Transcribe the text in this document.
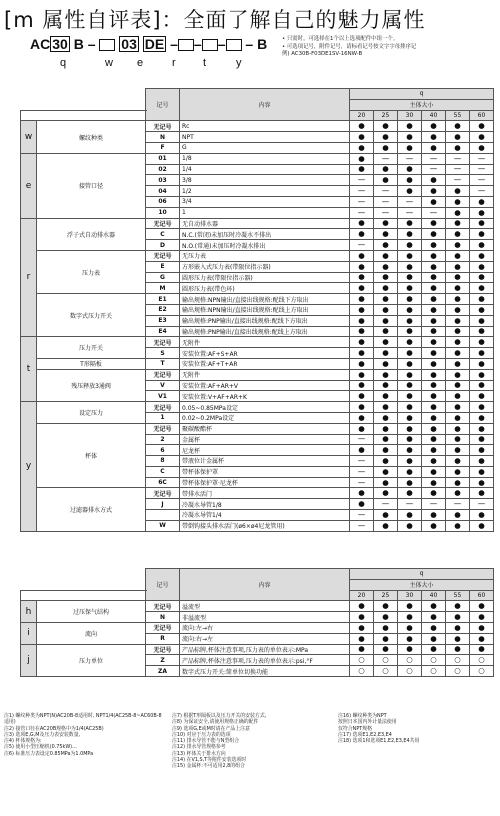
[m 属性自评表]：全面了解自己的魅力属性
AC 30 B – 03 DE – – – – B
q	w e	r t	y
• 只需时，可选择在1个以上选项配件中组一个。
• 可选项记号，附件记号，请标看记号按文字字母排序记
例) AC30B-F03DE1SV-16NW-B
		记号	内容	q					
				主体大小					
				20	25	30	40	55	60
w	螺纹种类	无记号	Rc	●	●	●	●	●	●
		N	NPT	●	●	●	●	●	●
		F	G	●	●	●	●	●	●
e	接管口径	01	1/8	●	—	—	—	—	—
		02	1/4	●	●	●	—	—	—
		03	3/8	—	●	●	●	—	—
		04	1/2	—	—	●	●	●	—
		06	3/4	—	—	—	●	●	●
		10	1	—	—	—	—	●	●
r	浮子式自动排水器	无记号	无自动排水器	●	●	●	●	●	●
		C	N.C.(常闭)未加压时冷凝水不排出	●	●	●	●	●	●
		D	N.O.(常通)未加压时冷凝水排出	—	●	●	●	●	●
	压力表	无记号	无压力表	●	●	●	●	●	●
		E	方形嵌入式压力表(带限位指示器)	●	●	●	●	●	●
		G	圆形压力表(带限位指示器)	●	●	●	●	●	●
		M	圆形压力表(带色环)	●	●	●	●	●	●
	数字式压力开关	E1	输出规格:NPN输出/直接出线规格:配线下方取出	●	●	●	●	●	●
		E2	输出规格:NPN输出/直接出线规格:配线上方取出	●	●	●	●	●	●
		E3	输出规格:PNP输出/直接出线规格:配线下方取出	●	●	●	●	●	●
		E4	输出规格:PNP输出/直接出线规格:配线上方取出	●	●	●	●	●	●
t	压力开关	无记号	无附件	●	●	●	●	●	●
		S	安装位置:AF+S+AR	●	●	●	●	●	●
	T形隔板	T	安装位置:AF+T+AR	●	●	●	●	●	●
	残压释放3通阀	无记号	无附件	●	●	●	●	●	●
		V	安装位置:AF+AR+V	●	●	●	●	●	●
		V1	安装位置:V+AF+AR+K	●	●	●	●	●	●
y	设定压力	无记号	0.05~0.85MPa设定	●	●	●	●	●	●
		1	0.02~0.2MPa设定	●	●	●	●	●	●
	杯体	无记号	聚碳酸酯杯	●	●	●	●	●	●
		2	金属杯	—	●	●	●	●	●
		6	尼龙杯	●	●	●	●	●	●
		8	带液位计金属杯	—	●	●	●	●	●
		C	带杯体保护罩	—	●	●	●	●	●
		6C	带杯体保护罩·尼龙杯	—	●	●	●	●	●
	过滤器排水方式	无记号	带排水活门	●	●	●	●	●	●
		J	冷凝水导管1/8	●	—	—	—	—	—
			冷凝水导管1/4	—	●	●	●	●	●
		W	带倒钩接头排水活门(ø6×ø4尼龙管用)	—	●	●	●	●	●
		记号	内容	q					
				主体大小					
				20	25	30	40	55	60
h	过压保气结构	无记号	溢流型	●	●	●	●	●	●
		N	非溢流型	●	●	●	●	●	●
i	流向	无记号	流向:左→右	●	●	●	●	●	●
		R	流向:右→左	●	●	●	●	●	●
j	压力单位	无记号	产品标牌,杯体注意事项,压力表的单位表示:MPa	●	●	●	●	●	●
		Z	产品标牌,杯体注意事项,压力表的单位表示:psi,°F	○	○	○	○	○	○
		ZA	数字式压力开关:简单位切换功能	○	○	○	○	○	○
注1) 螺纹种类为NPT(N)AC20B-8适用时, NPT1/4(AC25B-8~AC60B-8适用)
注2) 接管口径在AC20B规格中为1/4(AC25B)
注3) 选项E,G,M及压力表安装数量,
注4) 杯体规格为:
注5) 使用小型压缩机(0.75kW)...
注6) 标准压力表设定0.85MPa为1.0MPa
注7) 根据T形隔板以及压力开关的安装方式,
注8) 为保证安全,请使用规格正确的配件
注9) 选项G,E或M时请在产品上注意
注10) 对应于压力表的选项
注11) 排水导管不能与N型组合
注12) 排水导管规格参考
注13) 杯体关于排水方向
注14) 在V1,S,T等附件安装选项时
注15) 金属杯:不可适用2,8的组合
注16) 螺纹种类为NPT
按照日本国内外计量法使用
仅符合NPT规格
注17) 选项E1,E2,E3,E4
注18) 选项1和选项E1,E2,E3,E4共用
